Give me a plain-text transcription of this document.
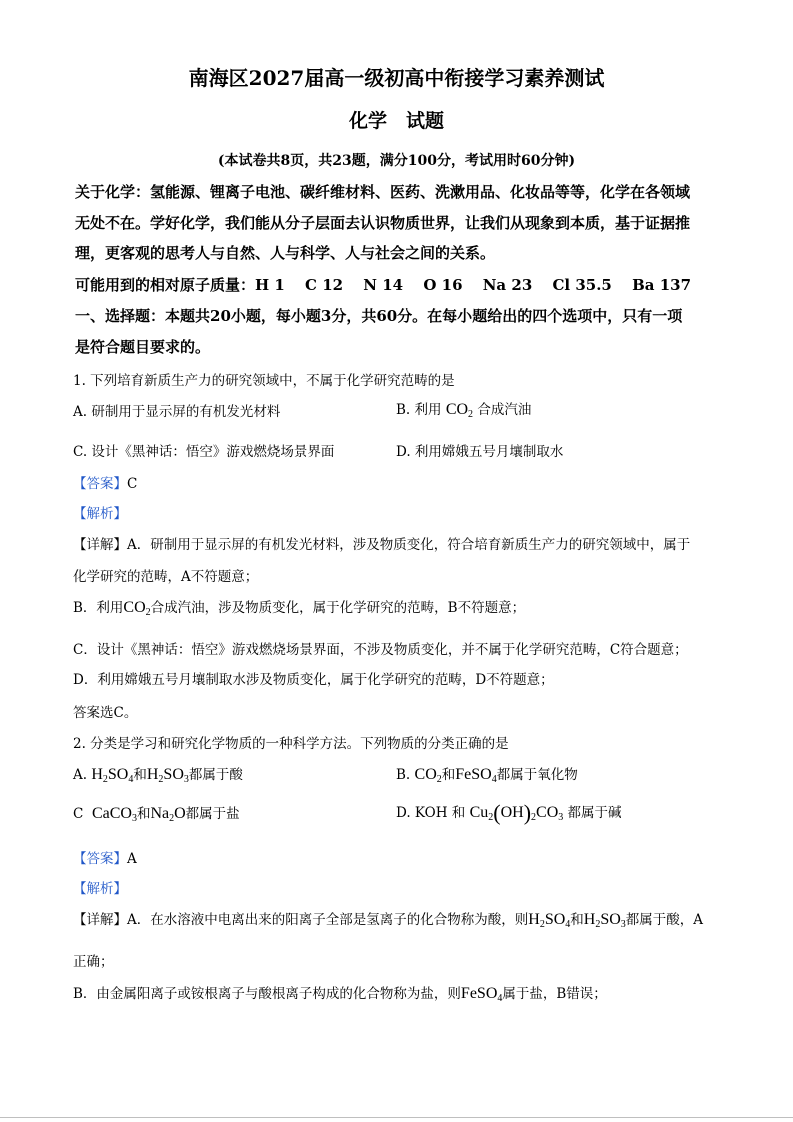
南海区2027届高一级初高中衔接学习素养测试
化学　试题
(本试卷共8页，共23题，满分100分，考试用时60分钟)
关于化学：氢能源、锂离子电池、碳纤维材料、医药、洗漱用品、化妆品等等，化学在各领域
无处不在。学好化学，我们能从分子层面去认识物质世界，让我们从现象到本质，基于证据推
理，更客观的思考人与自然、人与科学、人与社会之间的关系。
可能用到的相对原子质量：H 1　 C 12　 N 14　 O 16　 Na 23　 Cl 35.5　 Ba 137
一、选择题：本题共20小题，每小题3分，共60分。在每小题给出的四个选项中，只有一项
是符合题目要求的。
1. 下列培育新质生产力的研究领域中，不属于化学研究范畴的是
A. 研制用于显示屏的有机发光材料	B. 利用 $CO_2$ 合成汽油
C. 设计《黑神话：悟空》游戏燃烧场景界面	D. 利用嫦娥五号月壤制取水
【答案】C
【解析】
【详解】A．研制用于显示屏的有机发光材料，涉及物质变化，符合培育新质生产力的研究领域中，属于
化学研究的范畴，A不符题意；
B．利用$CO_2$合成汽油，涉及物质变化，属于化学研究的范畴，B不符题意；
C．设计《黑神话：悟空》游戏燃烧场景界面，不涉及物质变化，并不属于化学研究范畴，C符合题意；
D．利用嫦娥五号月壤制取水涉及物质变化，属于化学研究的范畴，D不符题意；
答案选C。
2. 分类是学习和研究化学物质的一种科学方法。下列物质的分类正确的是
A. $H_2SO_4$和$H_2SO_3$都属于酸	B. $CO_2$和FeSO$_4$都属于氧化物
C CaCO$_3$和$Na_2O$都属于盐	D. KOH 和 $Cu_2(OH)_2CO_3$ 都属于碱
【答案】A
【解析】
【详解】A．在水溶液中电离出来的阳离子全部是氢离子的化合物称为酸，则$H_2SO_4$和$H_2SO_3$都属于酸，A
正确；
B．由金属阳离子或铵根离子与酸根离子构成的化合物称为盐，则FeSO$_4$属于盐，B错误；
